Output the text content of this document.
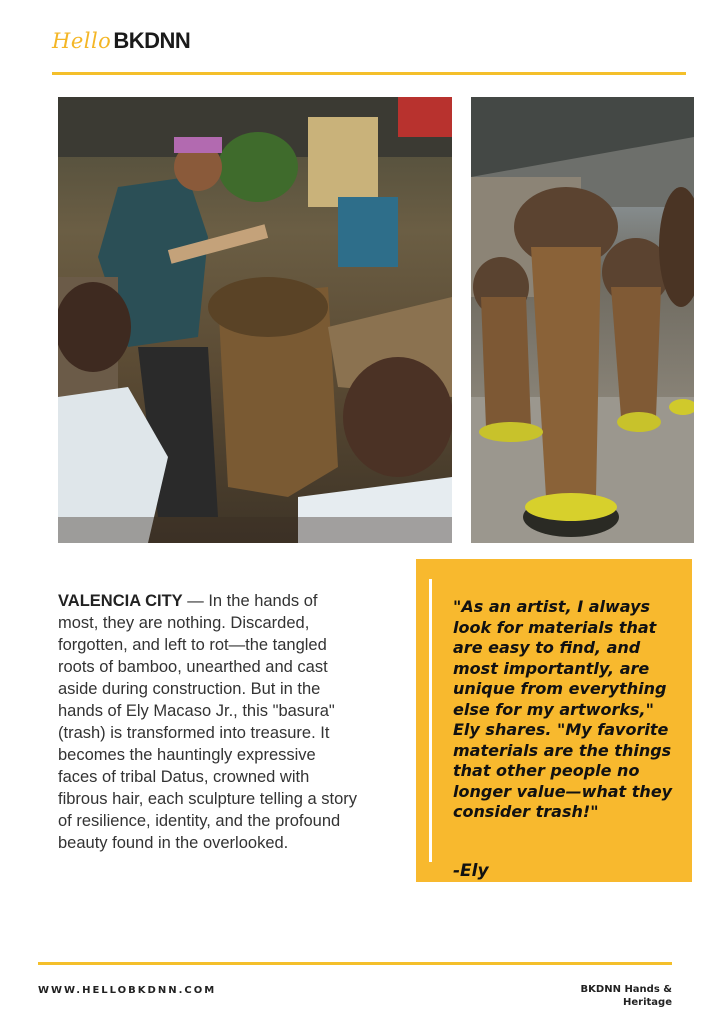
Hello BKDNN

VALENCIA CITY — In the hands of most, they are nothing. Discarded, forgotten, and left to rot—the tangled roots of bamboo, unearthed and cast aside during construction. But in the hands of Ely Macaso Jr., this "basura" (trash) is transformed into treasure. It becomes the hauntingly expressive faces of tribal Datus, crowned with fibrous hair, each sculpture telling a story of resilience, identity, and the profound beauty found in the overlooked.

"As an artist, I always look for materials that are easy to find, and most importantly, are unique from everything else for my artworks," Ely shares. "My favorite materials are the things that other people no longer value—what they consider trash!"

-Ely

WWW.HELLOBKDNN.COM	BKDNN Hands & Heritage
